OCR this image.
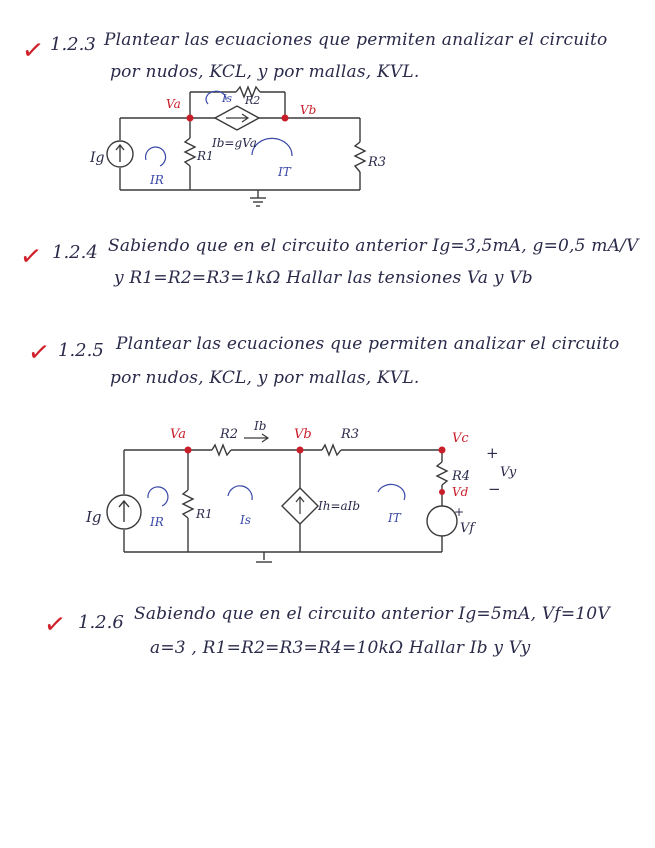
✓ 1.2.3 Plantear las ecuaciones que permiten analizar el circuito
por nudos, KCL, y por mallas, KVL.
Va	Vb
Is R2
Ib=gVa
Ig	R1
IR
IT
R3
✓ 1.2.4 Sabiendo que en el circuito anterior Ig=3,5mA, g=0,5 mA/V
y R1=R2=R3=1kΩ Hallar las tensiones Va y Vb
✓ 1.2.5 Plantear las ecuaciones que permiten analizar el circuito
por nudos, KCL, y por mallas, KVL.
Va	R2
Ib
Vb R3	Vc
+
Vy
−
R4
Vd
+
Vf
Ig	IR
R1 Is
Ih=aIb
IT
✓ 1.2.6 Sabiendo que en el circuito anterior Ig=5mA, Vf=10V
a=3 , R1=R2=R3=R4=10kΩ Hallar Ib y Vy
